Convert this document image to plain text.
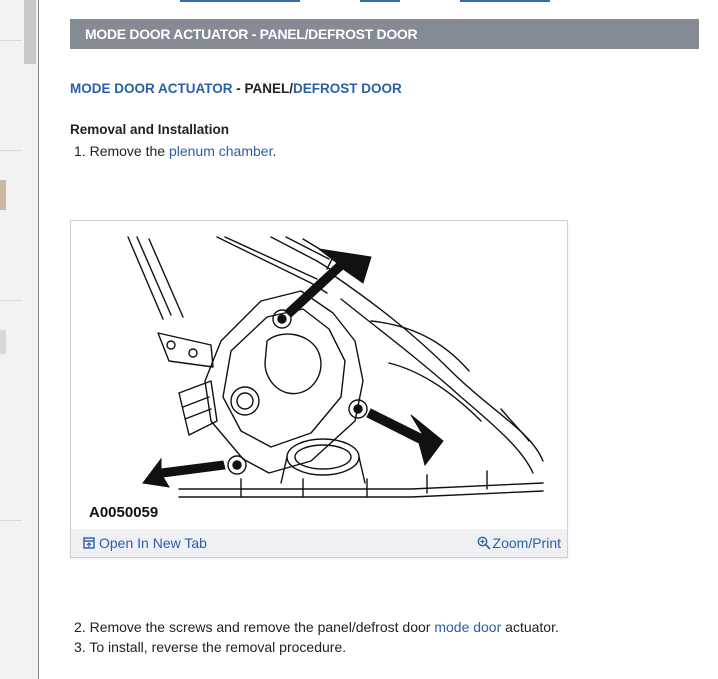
MODE DOOR ACTUATOR - PANEL/DEFROST DOOR
MODE DOOR ACTUATOR - PANEL/DEFROST DOOR
Removal and Installation
1. Remove the plenum chamber.
A0050059
Open In New Tab	Zoom/Print
2. Remove the screws and remove the panel/defrost door mode door actuator.
3. To install, reverse the removal procedure.
